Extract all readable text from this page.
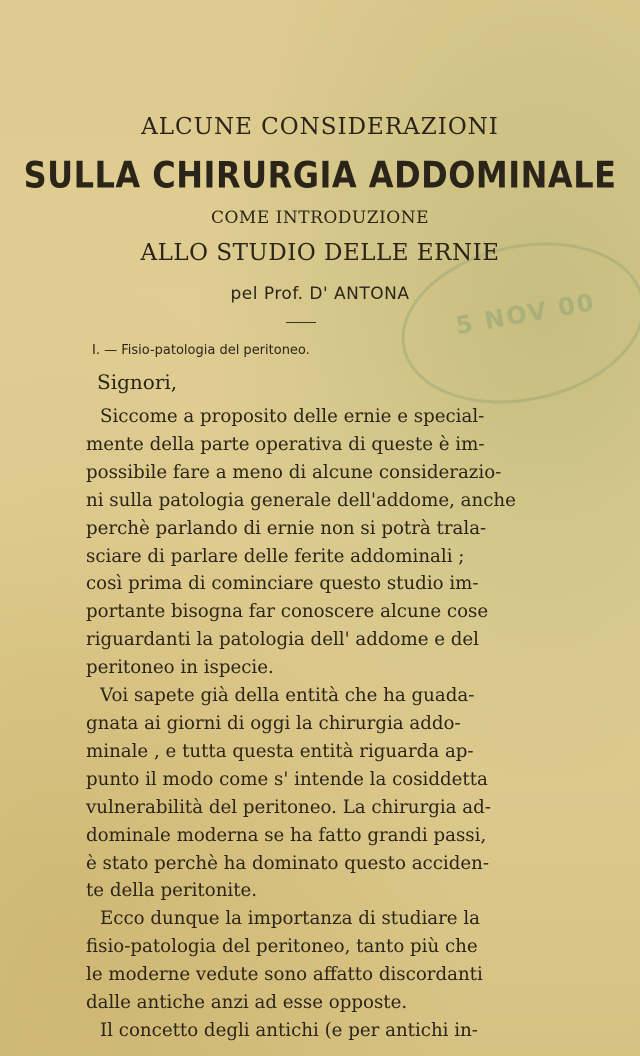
5 NOV 00
ALCUNE CONSIDERAZIONI
SULLA CHIRURGIA ADDOMINALE
COME INTRODUZIONE
ALLO STUDIO DELLE ERNIE
pel Prof. D' ANTONA
I. — Fisio-patologia del peritoneo.
Signori,
Siccome a proposito delle ernie e special-
mente della parte operativa di queste è im-
possibile fare a meno di alcune considerazio-
ni sulla patologia generale dell'addome, anche
perchè parlando di ernie non si potrà trala-
sciare di parlare delle ferite addominali ;
così prima di cominciare questo studio im-
portante bisogna far conoscere alcune cose
riguardanti la patologia dell' addome e del
peritoneo in ispecie.
Voi sapete già della entità che ha guada-
gnata ai giorni di oggi la chirurgia addo-
minale , e tutta questa entità riguarda ap-
punto il modo come s' intende la cosiddetta
vulnerabilità del peritoneo. La chirurgia ad-
dominale moderna se ha fatto grandi passi,
è stato perchè ha dominato questo acciden-
te della peritonite.
Ecco dunque la importanza di studiare la
fisio-patologia del peritoneo, tanto più che
le moderne vedute sono affatto discordanti
dalle antiche anzi ad esse opposte.
Il concetto degli antichi (e per antichi in-
